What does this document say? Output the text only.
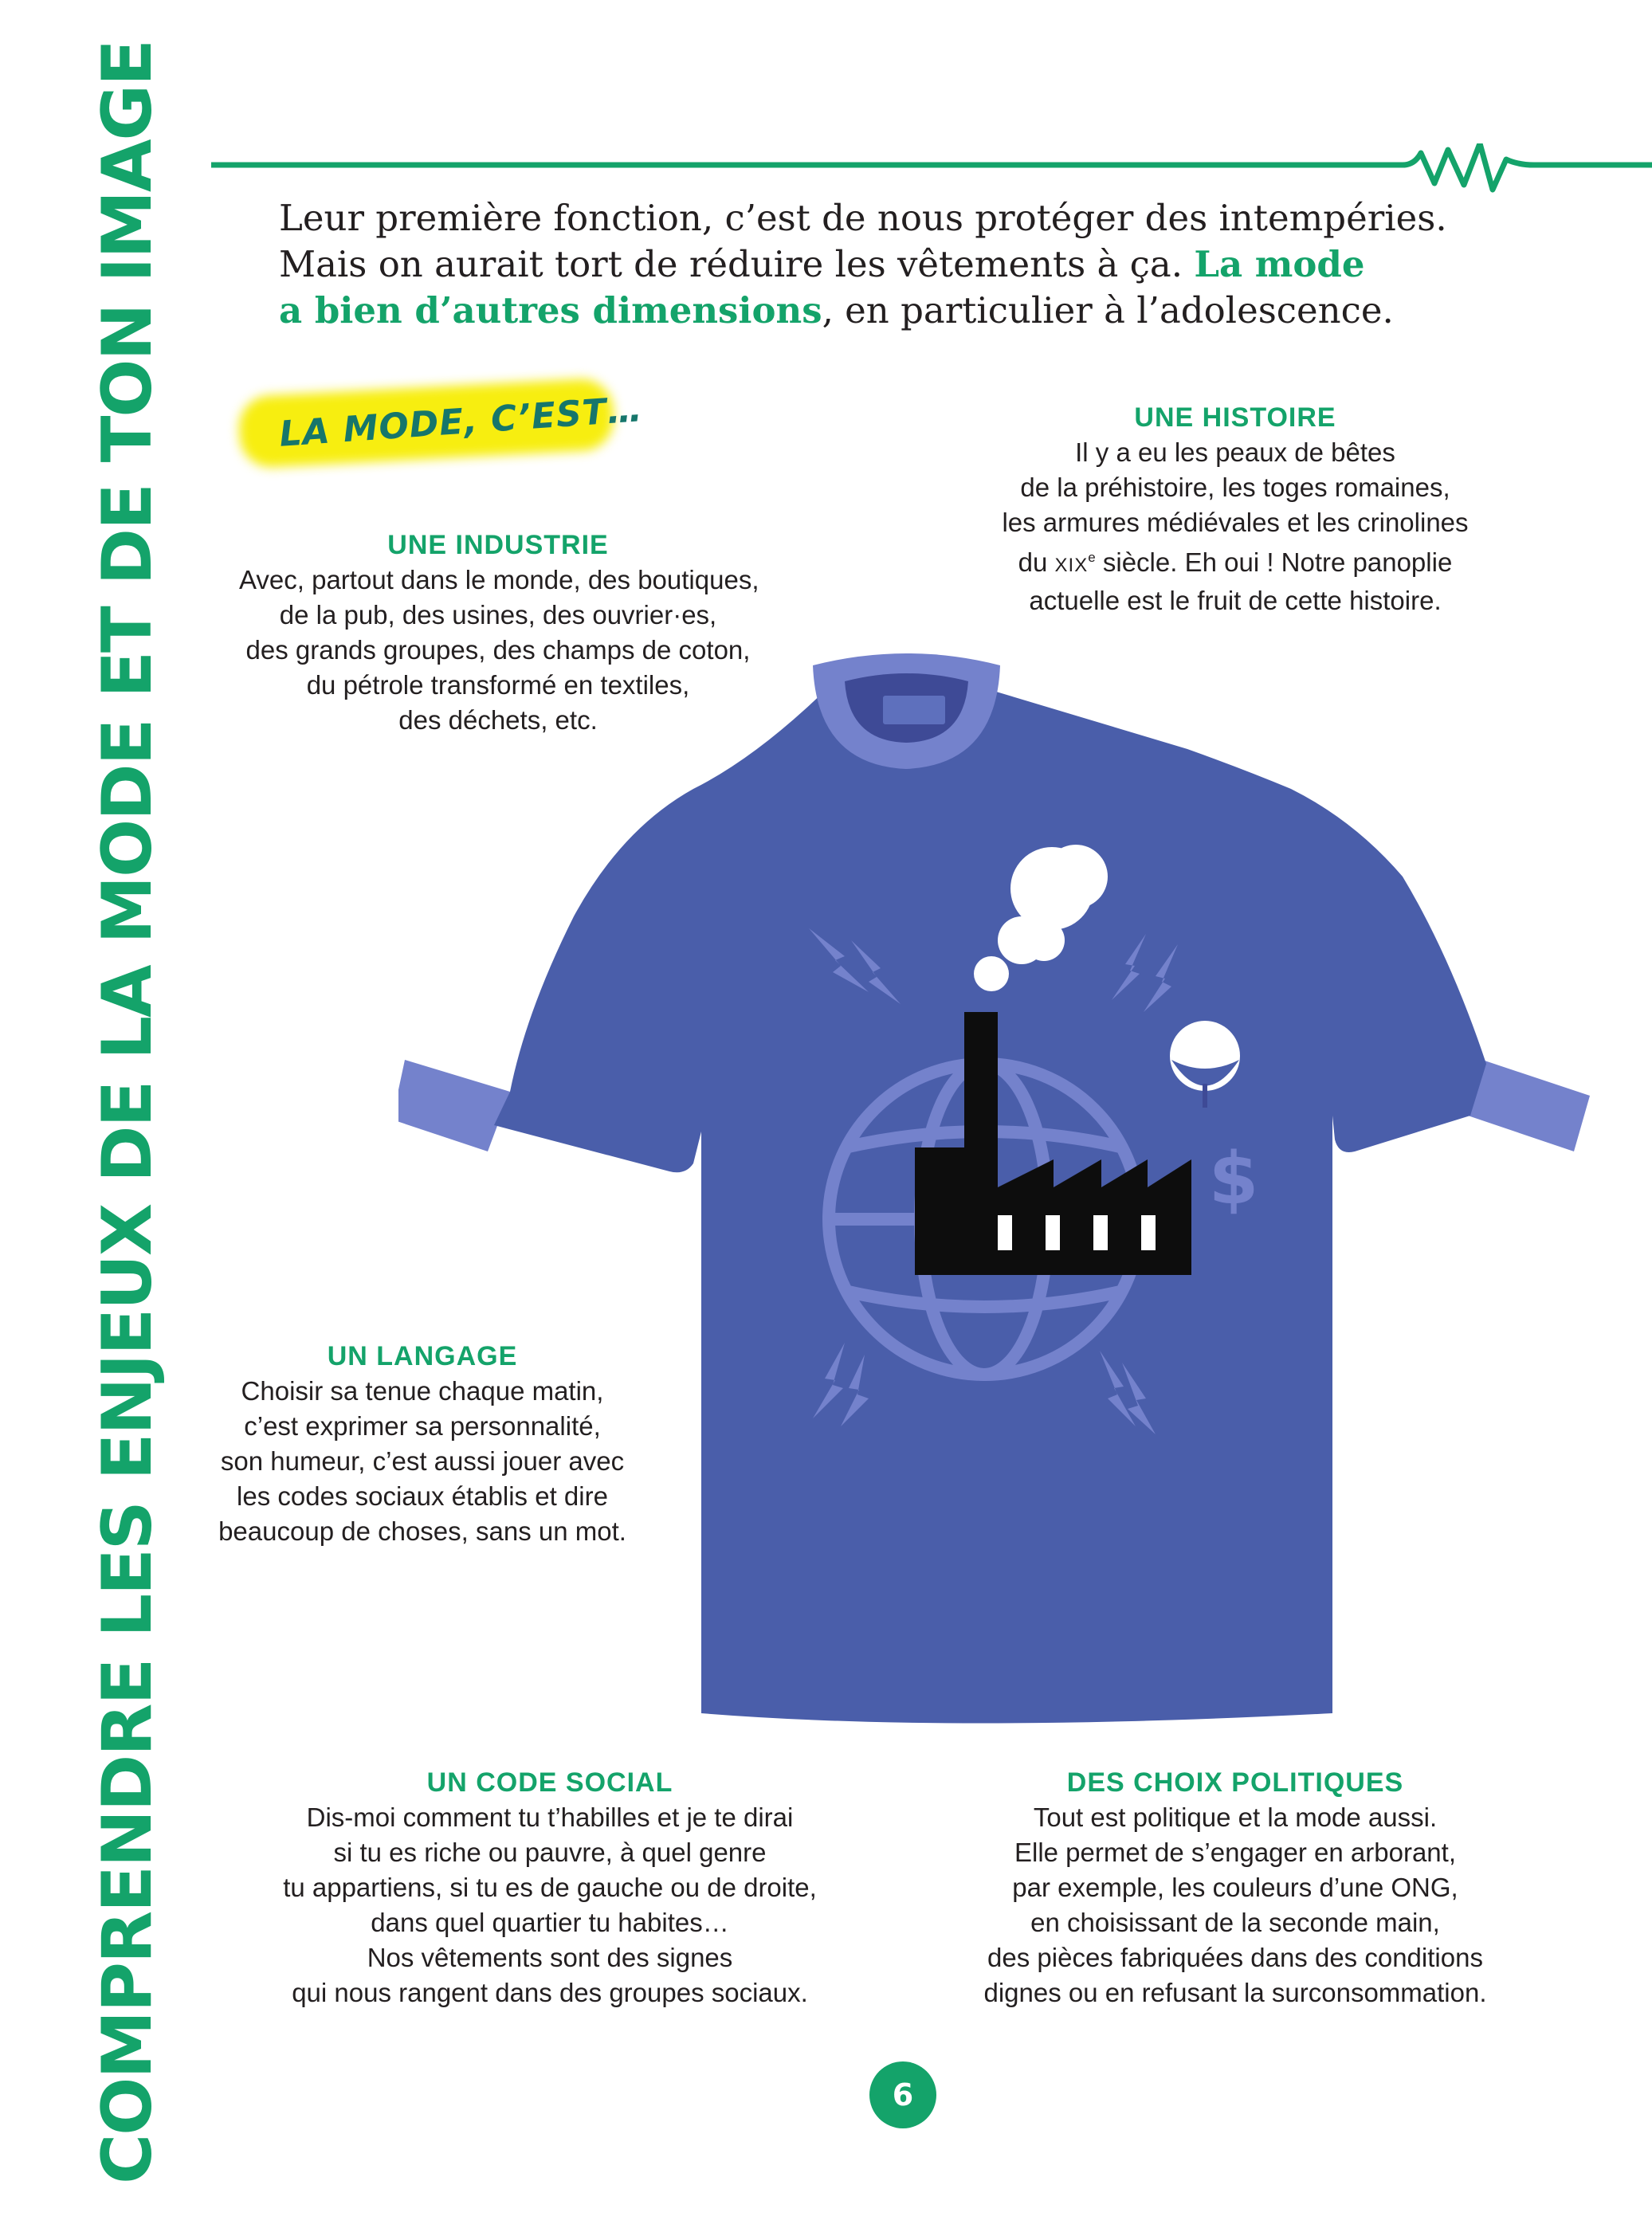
COMPRENDRE LES ENJEUX DE LA MODE ET DE TON IMAGE	Leur première fonction, c’est de nous protéger des intempéries.
Mais on aurait tort de réduire les vêtements à ça. La mode
a bien d’autres dimensions, en particulier à l’adolescence.
LA MODE, C’EST…
UNE INDUSTRIE
Avec, partout dans le monde, des boutiques,
de la pub, des usines, des ouvrier·es,
des grands groupes, des champs de coton,
du pétrole transformé en textiles,
des déchets, etc.
UNE HISTOIRE
Il y a eu les peaux de bêtes
de la préhistoire, les toges romaines,
les armures médiévales et les crinolines
du XIXe siècle. Eh oui ! Notre panoplie
actuelle est le fruit de cette histoire.
UN LANGAGE
Choisir sa tenue chaque matin,
c’est exprimer sa personnalité,
son humeur, c’est aussi jouer avec
les codes sociaux établis et dire
beaucoup de choses, sans un mot.
UN CODE SOCIAL
Dis-moi comment tu t’habilles et je te dirai
si tu es riche ou pauvre, à quel genre
tu appartiens, si tu es de gauche ou de droite,
dans quel quartier tu habites…
Nos vêtements sont des signes
qui nous rangent dans des groupes sociaux.
DES CHOIX POLITIQUES
Tout est politique et la mode aussi.
Elle permet de s’engager en arborant,
par exemple, les couleurs d’une ONG,
en choisissant de la seconde main,
des pièces fabriquées dans des conditions
dignes ou en refusant la surconsommation.
$
6
